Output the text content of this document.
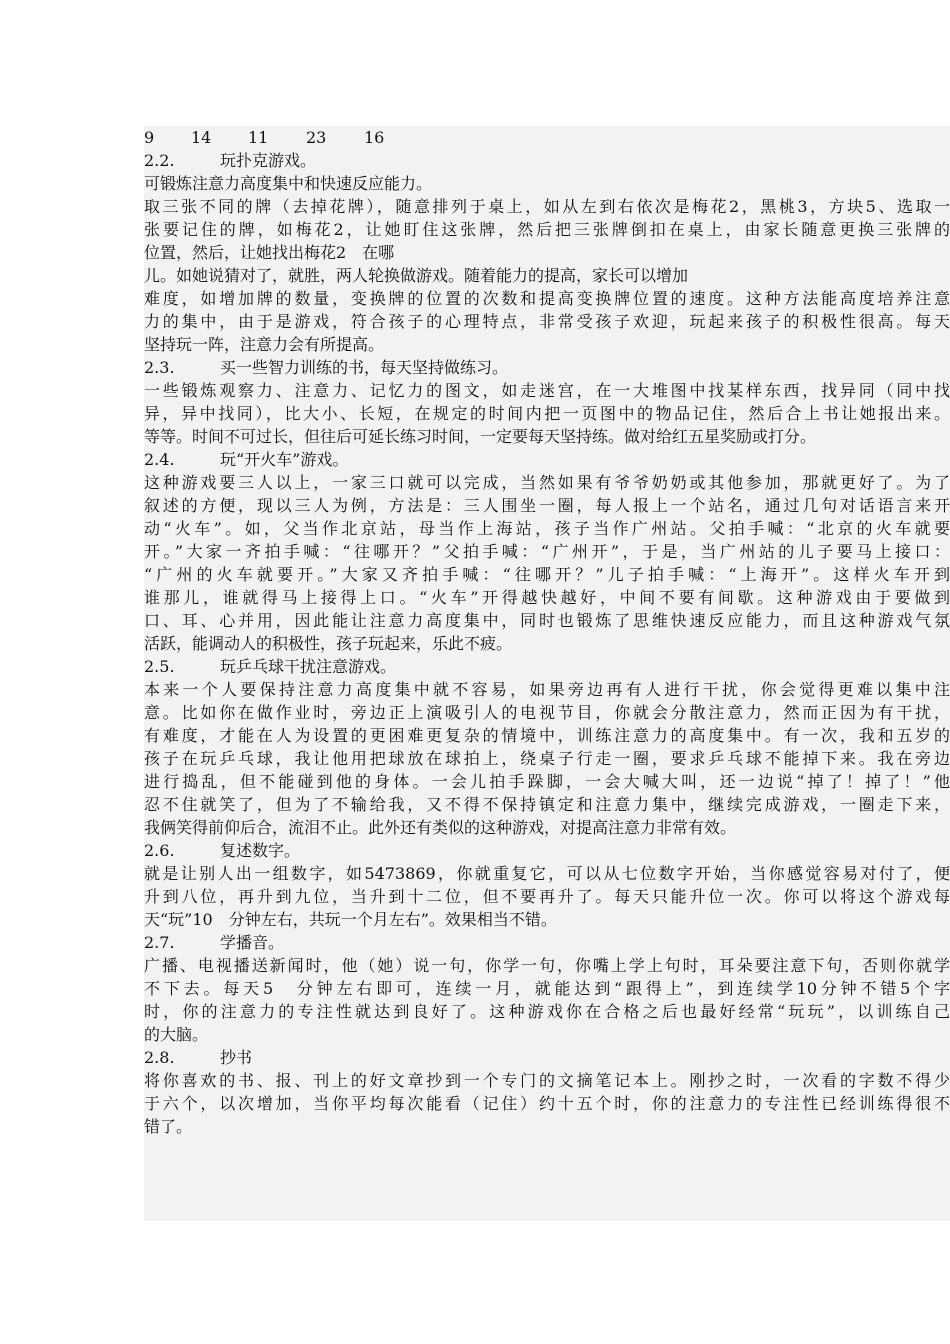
9 14 11 23 16
2.2.	玩扑克游戏。
可锻炼注意力高度集中和快速反应能力。
取三张不同的牌（去掉花牌），随意排列于桌上，如从左到右依次是梅花2，黑桃3，方块5、选取一
张要记住的牌，如梅花2，让她盯住这张牌，然后把三张牌倒扣在桌上，由家长随意更换三张牌的
位置，然后，让她找出梅花2　在哪
儿。如她说猜对了，就胜，两人轮换做游戏。随着能力的提高，家长可以增加
难度，如增加牌的数量，变换牌的位置的次数和提高变换牌位置的速度。这种方法能高度培养注意
力的集中，由于是游戏，符合孩子的心理特点，非常受孩子欢迎，玩起来孩子的积极性很高。每天
坚持玩一阵，注意力会有所提高。
2.3.	买一些智力训练的书，每天坚持做练习。
一些锻炼观察力、注意力、记忆力的图文，如走迷宫，在一大堆图中找某样东西，找异同（同中找
异，异中找同），比大小、长短，在规定的时间内把一页图中的物品记住，然后合上书让她报出来。
等等。时间不可过长，但往后可延长练习时间，一定要每天坚持练。做对给红五星奖励或打分。
2.4.	玩“开火车”游戏。
这种游戏要三人以上，一家三口就可以完成，当然如果有爷爷奶奶或其他参加，那就更好了。为了
叙述的方便，现以三人为例，方法是：三人围坐一圈，每人报上一个站名，通过几句对话语言来开
动“火车”。如，父当作北京站，母当作上海站，孩子当作广州站。父拍手喊：“北京的火车就要
开。”大家一齐拍手喊：“往哪开？”父拍手喊：“广州开”，于是，当广州站的儿子要马上接口：
“广州的火车就要开。”大家又齐拍手喊：“往哪开？”儿子拍手喊：“上海开”。这样火车开到
谁那儿，谁就得马上接得上口。“火车”开得越快越好，中间不要有间歇。这种游戏由于要做到
口、耳、心并用，因此能让注意力高度集中，同时也锻炼了思维快速反应能力，而且这种游戏气氛
活跃，能调动人的积极性，孩子玩起来，乐此不疲。
2.5.	玩乒乓球干扰注意游戏。
本来一个人要保持注意力高度集中就不容易，如果旁边再有人进行干扰，你会觉得更难以集中注
意。比如你在做作业时，旁边正上演吸引人的电视节目，你就会分散注意力，然而正因为有干扰，
有难度，才能在人为设置的更困难更复杂的情境中，训练注意力的高度集中。有一次，我和五岁的
孩子在玩乒乓球，我让他用把球放在球拍上，绕桌子行走一圈，要求乒乓球不能掉下来。我在旁边
进行捣乱，但不能碰到他的身体。一会儿拍手跺脚，一会大喊大叫，还一边说“掉了！掉了！”他
忍不住就笑了，但为了不输给我，又不得不保持镇定和注意力集中，继续完成游戏，一圈走下来，
我俩笑得前仰后合，流泪不止。此外还有类似的这种游戏，对提高注意力非常有效。
2.6.	复述数字。
就是让别人出一组数字，如5473869，你就重复它，可以从七位数字开始，当你感觉容易对付了，便
升到八位，再升到九位，当升到十二位，但不要再升了。每天只能升位一次。你可以将这个游戏每
天“玩”10　分钟左右，共玩一个月左右”。效果相当不错。
2.7.	学播音。
广播、电视播送新闻时，他（她）说一句，你学一句，你嘴上学上句时，耳朵要注意下句，否则你就学
不下去。每天5　分钟左右即可，连续一月，就能达到“跟得上”，到连续学10分钟不错5个字
时，你的注意力的专注性就达到良好了。这种游戏你在合格之后也最好经常“玩玩”，以训练自己
的大脑。
2.8.	抄书
将你喜欢的书、报、刊上的好文章抄到一个专门的文摘笔记本上。刚抄之时，一次看的字数不得少
于六个，以次增加，当你平均每次能看（记住）约十五个时，你的注意力的专注性已经训练得很不
错了。
